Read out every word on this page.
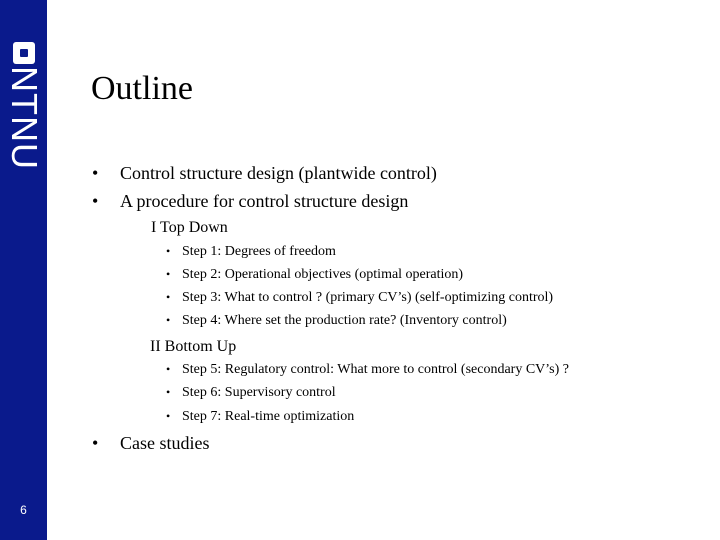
NTNU
6
Outline
• Control structure design (plantwide control)
• A procedure for control structure design
I Top Down
• Step 1: Degrees of freedom
• Step 2: Operational objectives (optimal operation)
• Step 3: What to control ? (primary CV’s) (self-optimizing control)
• Step 4: Where set the production rate? (Inventory control)
II Bottom Up
• Step 5: Regulatory control: What more to control (secondary CV’s) ?
• Step 6: Supervisory control
• Step 7: Real-time optimization
• Case studies
